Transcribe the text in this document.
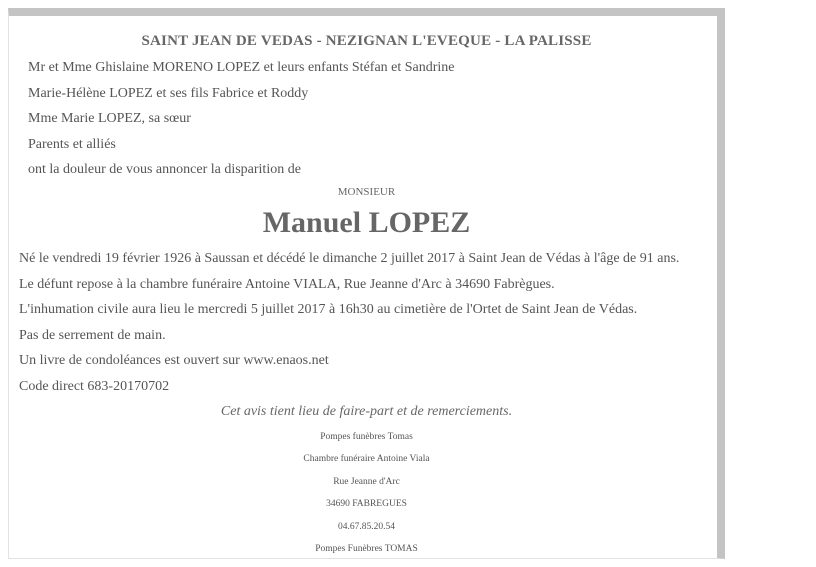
SAINT JEAN DE VEDAS - NEZIGNAN L'EVEQUE - LA PALISSE
Mr et Mme Ghislaine MORENO LOPEZ et leurs enfants Stéfan et Sandrine
Marie-Hélène LOPEZ et ses fils Fabrice et Roddy
Mme Marie LOPEZ, sa sœur
Parents et alliés
ont la douleur de vous annoncer la disparition de
MONSIEUR
Manuel LOPEZ
Né le vendredi 19 février 1926 à Saussan et décédé le dimanche 2 juillet 2017 à Saint Jean de Védas à l'âge de 91 ans.
Le défunt repose à la chambre funéraire Antoine VIALA, Rue Jeanne d'Arc à 34690 Fabrègues.
L'inhumation civile aura lieu le mercredi 5 juillet 2017 à 16h30 au cimetière de l'Ortet de Saint Jean de Védas.
Pas de serrement de main.
Un livre de condoléances est ouvert sur www.enaos.net
Code direct 683-20170702
Cet avis tient lieu de faire-part et de remerciements.
Pompes funèbres Tomas
Chambre funéraire Antoine Viala
Rue Jeanne d'Arc
34690 FABREGUES
04.67.85.20.54
Pompes Funèbres TOMAS
